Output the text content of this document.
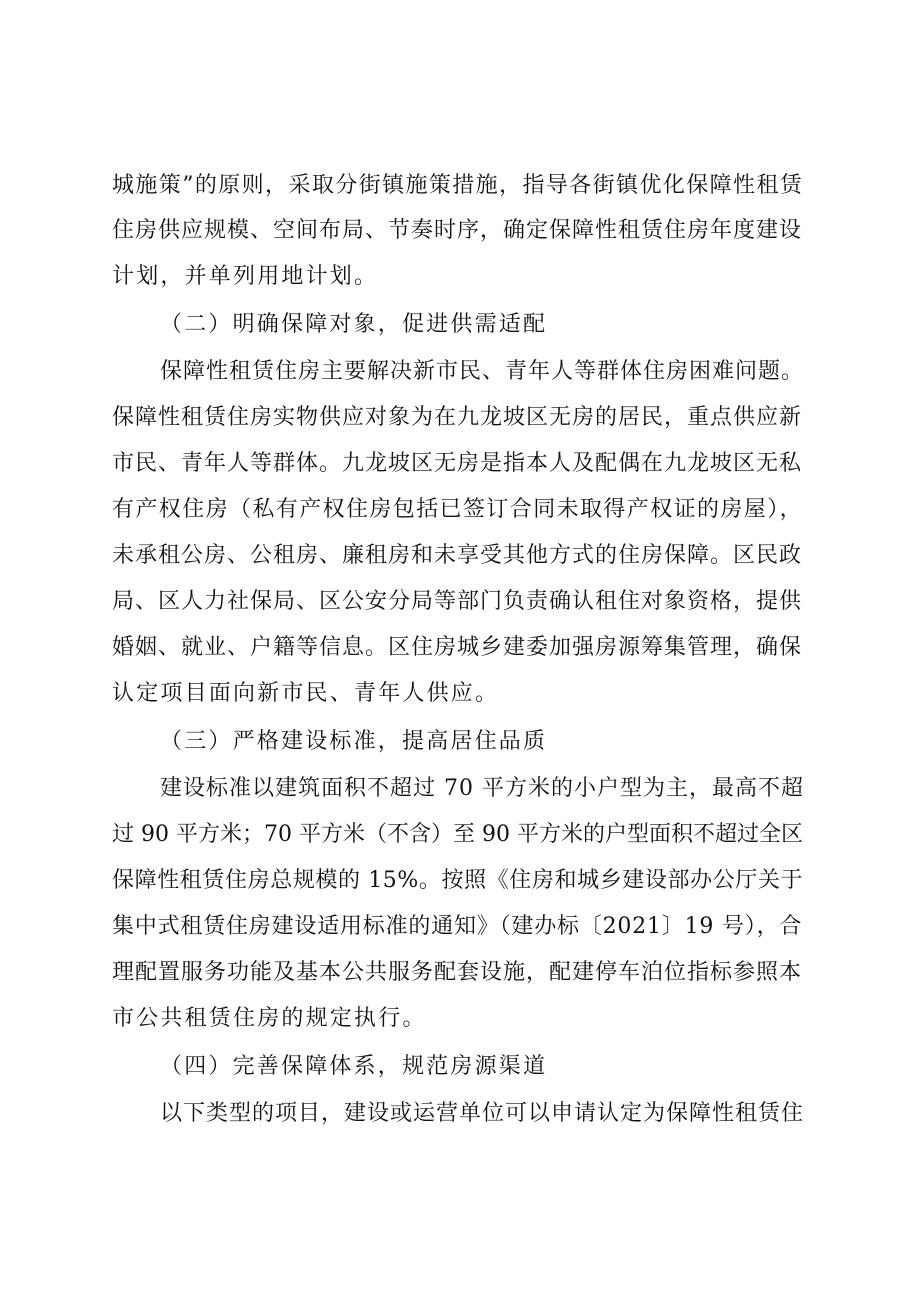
城施策”的原则，采取分街镇施策措施，指导各街镇优化保障性租赁
住房供应规模、空间布局、节奏时序，确定保障性租赁住房年度建设
计划，并单列用地计划。
（二）明确保障对象，促进供需适配
保障性租赁住房主要解决新市民、青年人等群体住房困难问题。
保障性租赁住房实物供应对象为在九龙坡区无房的居民，重点供应新
市民、青年人等群体。九龙坡区无房是指本人及配偶在九龙坡区无私
有产权住房（私有产权住房包括已签订合同未取得产权证的房屋），
未承租公房、公租房、廉租房和未享受其他方式的住房保障。区民政
局、区人力社保局、区公安分局等部门负责确认租住对象资格，提供
婚姻、就业、户籍等信息。区住房城乡建委加强房源筹集管理，确保
认定项目面向新市民、青年人供应。
（三）严格建设标准，提高居住品质
建设标准以建筑面积不超过 70 平方米的小户型为主，最高不超
过 90 平方米；70 平方米（不含）至 90 平方米的户型面积不超过全区
保障性租赁住房总规模的 15%。按照《住房和城乡建设部办公厅关于
集中式租赁住房建设适用标准的通知》（建办标〔2021〕19 号），合
理配置服务功能及基本公共服务配套设施，配建停车泊位指标参照本
市公共租赁住房的规定执行。
（四）完善保障体系，规范房源渠道
以下类型的项目，建设或运营单位可以申请认定为保障性租赁住
